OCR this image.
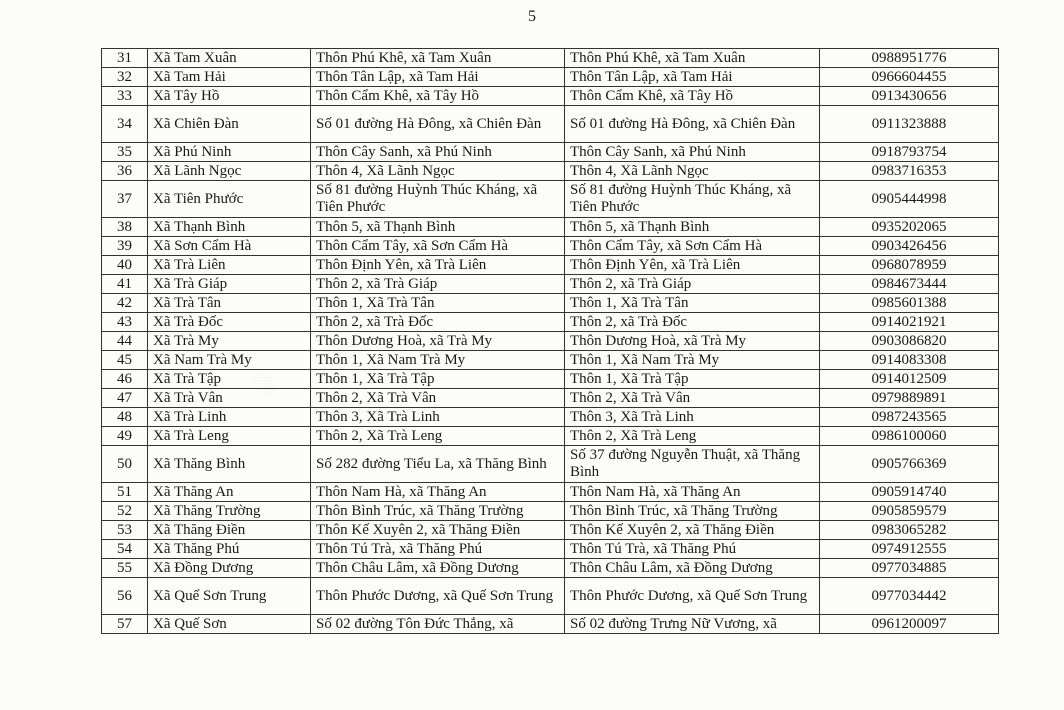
5
31	Xã Tam Xuân	Thôn Phú Khê, xã Tam Xuân	Thôn Phú Khê, xã Tam Xuân	0988951776
32	Xã Tam Hải	Thôn Tân Lập, xã Tam Hải	Thôn Tân Lập, xã Tam Hải	0966604455
33	Xã Tây Hồ	Thôn Cẩm Khê, xã Tây Hồ	Thôn Cẩm Khê, xã Tây Hồ	0913430656
34	Xã Chiên Đàn	Số 01 đường Hà Đông, xã Chiên Đàn	Số 01 đường Hà Đông, xã Chiên Đàn	0911323888
35	Xã Phú Ninh	Thôn Cây Sanh, xã Phú Ninh	Thôn Cây Sanh, xã Phú Ninh	0918793754
36	Xã Lãnh Ngọc	Thôn 4, Xã Lãnh Ngọc	Thôn 4, Xã Lãnh Ngọc	0983716353
37	Xã Tiên Phước	Số 81 đường Huỳnh Thúc Kháng, xã Tiên Phước	Số 81 đường Huỳnh Thúc Kháng, xã Tiên Phước	0905444998
38	Xã Thạnh Bình	Thôn 5, xã Thạnh Bình	Thôn 5, xã Thạnh Bình	0935202065
39	Xã Sơn Cẩm Hà	Thôn Cẩm Tây, xã Sơn Cẩm Hà	Thôn Cẩm Tây, xã Sơn Cẩm Hà	0903426456
40	Xã Trà Liên	Thôn Định Yên, xã Trà Liên	Thôn Định Yên, xã Trà Liên	0968078959
41	Xã Trà Giáp	Thôn 2, xã Trà Giáp	Thôn 2, xã Trà Giáp	0984673444
42	Xã Trà Tân	Thôn 1, Xã Trà Tân	Thôn 1, Xã Trà Tân	0985601388
43	Xã Trà Đốc	Thôn 2, xã Trà Đốc	Thôn 2, xã Trà Đốc	0914021921
44	Xã Trà My	Thôn Dương Hoà, xã Trà My	Thôn Dương Hoà, xã Trà My	0903086820
45	Xã Nam Trà My	Thôn 1, Xã Nam Trà My	Thôn 1, Xã Nam Trà My	0914083308
46	Xã Trà Tập	Thôn 1, Xã Trà Tập	Thôn 1, Xã Trà Tập	0914012509
47	Xã Trà Vân	Thôn 2, Xã Trà Vân	Thôn 2, Xã Trà Vân	0979889891
48	Xã Trà Linh	Thôn 3, Xã Trà Linh	Thôn 3, Xã Trà Linh	0987243565
49	Xã Trà Leng	Thôn 2, Xã Trà Leng	Thôn 2, Xã Trà Leng	0986100060
50	Xã Thăng Bình	Số 282 đường Tiểu La, xã Thăng Bình	Số 37 đường Nguyễn Thuật, xã Thăng Bình	0905766369
51	Xã Thăng An	Thôn Nam Hà, xã Thăng An	Thôn Nam Hà, xã Thăng An	0905914740
52	Xã Thăng Trường	Thôn Bình Trúc, xã Thăng Trường	Thôn Bình Trúc, xã Thăng Trường	0905859579
53	Xã Thăng Điền	Thôn Kế Xuyên 2, xã Thăng Điền	Thôn Kế Xuyên 2, xã Thăng Điền	0983065282
54	Xã Thăng Phú	Thôn Tú Trà, xã Thăng Phú	Thôn Tú Trà, xã Thăng Phú	0974912555
55	Xã Đồng Dương	Thôn Châu Lâm, xã Đồng Dương	Thôn Châu Lâm, xã Đồng Dương	0977034885
56	Xã Quế Sơn Trung	Thôn Phước Dương, xã Quế Sơn Trung	Thôn Phước Dương, xã Quế Sơn Trung	0977034442
57	Xã Quế Sơn	Số 02 đường Tôn Đức Thắng, xã	Số 02 đường Trưng Nữ Vương, xã	0961200097
░
